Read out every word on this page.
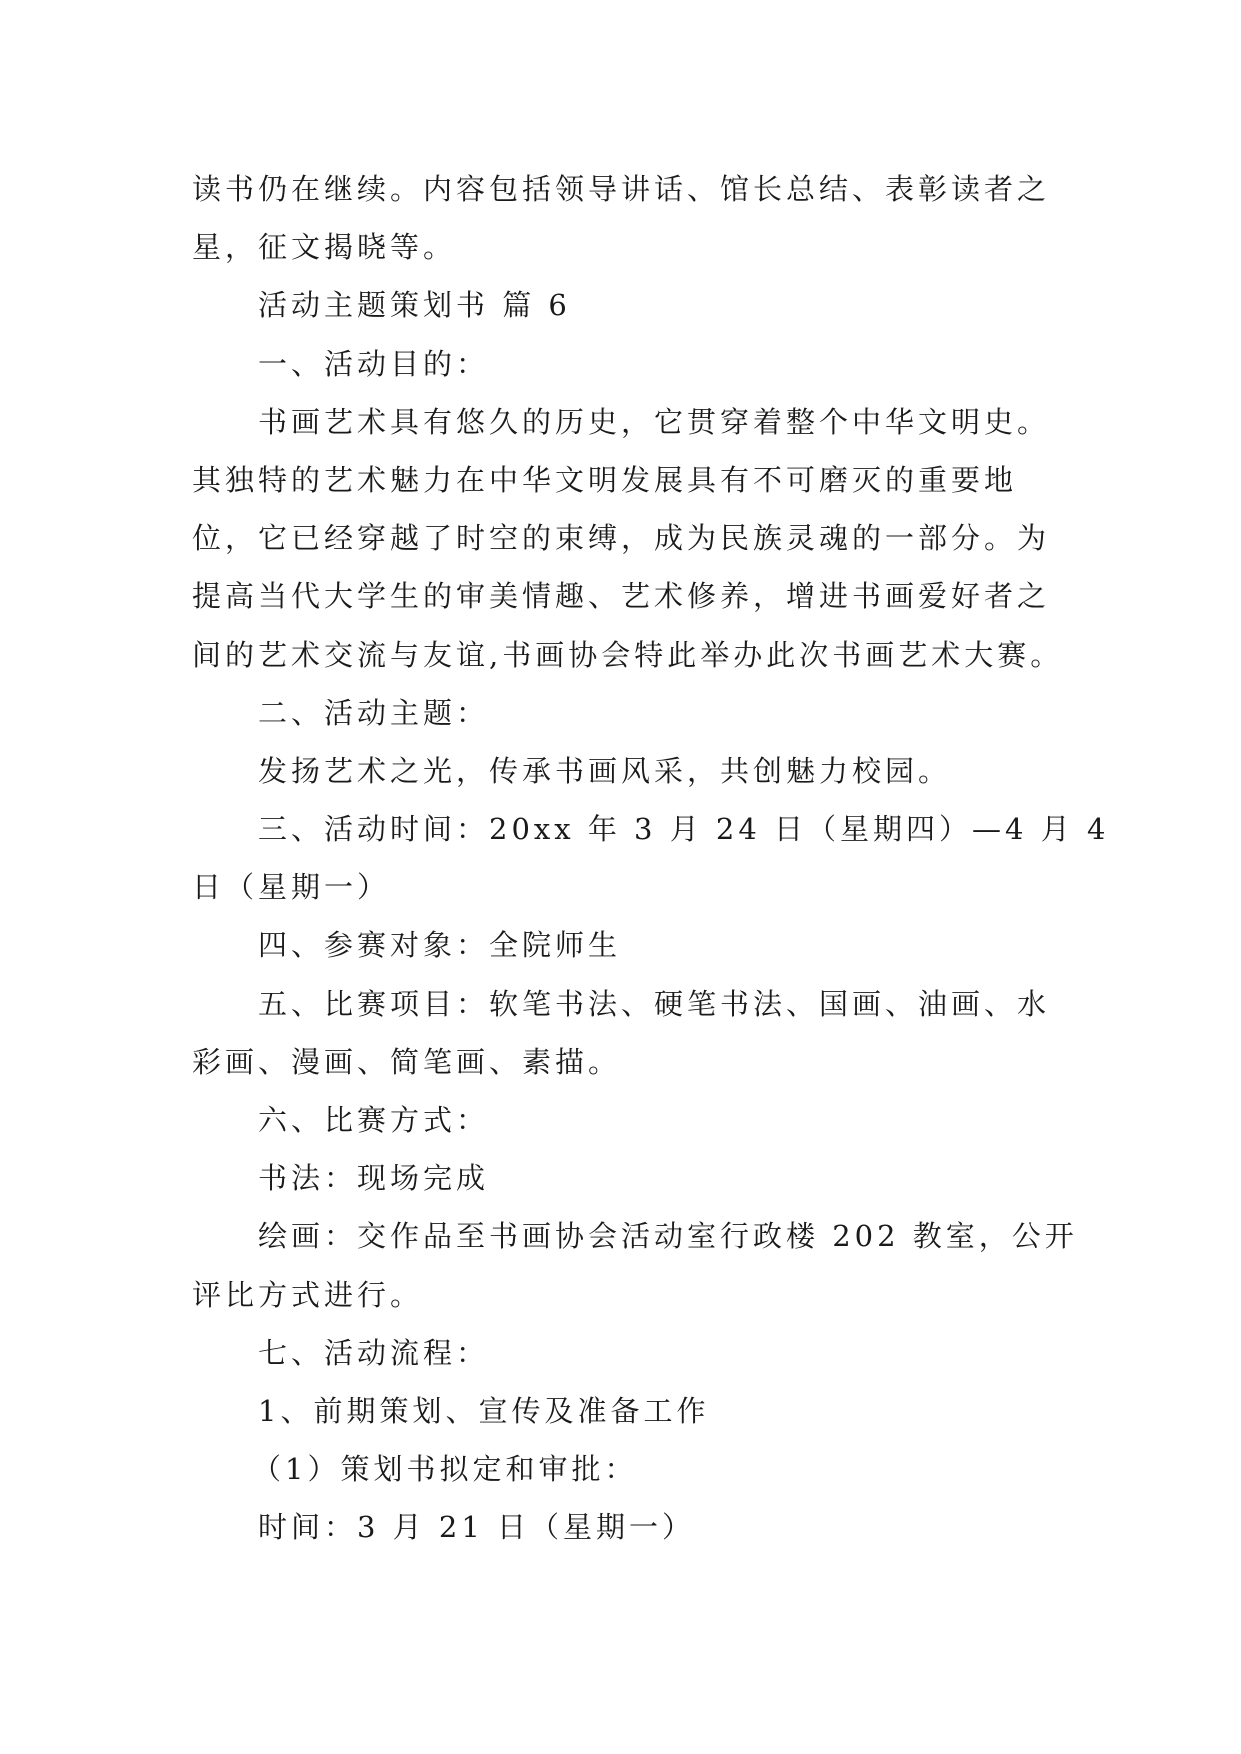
读书仍在继续。内容包括领导讲话、馆长总结、表彰读者之
星，征文揭晓等。
活动主题策划书 篇 6
一、活动目的：
书画艺术具有悠久的历史，它贯穿着整个中华文明史。
其独特的艺术魅力在中华文明发展具有不可磨灭的重要地
位，它已经穿越了时空的束缚，成为民族灵魂的一部分。为
提高当代大学生的审美情趣、艺术修养，增进书画爱好者之
间的艺术交流与友谊,书画协会特此举办此次书画艺术大赛。
二、活动主题：
发扬艺术之光，传承书画风采，共创魅力校园。
三、活动时间：20xx 年 3 月 24 日（星期四）—4 月 4
日（星期一）
四、参赛对象：全院师生
五、比赛项目：软笔书法、硬笔书法、国画、油画、水
彩画、漫画、简笔画、素描。
六、比赛方式：
书法：现场完成
绘画：交作品至书画协会活动室行政楼 202 教室，公开
评比方式进行。
七、活动流程：
1、前期策划、宣传及准备工作
（1）策划书拟定和审批：
时间：3 月 21 日（星期一）
